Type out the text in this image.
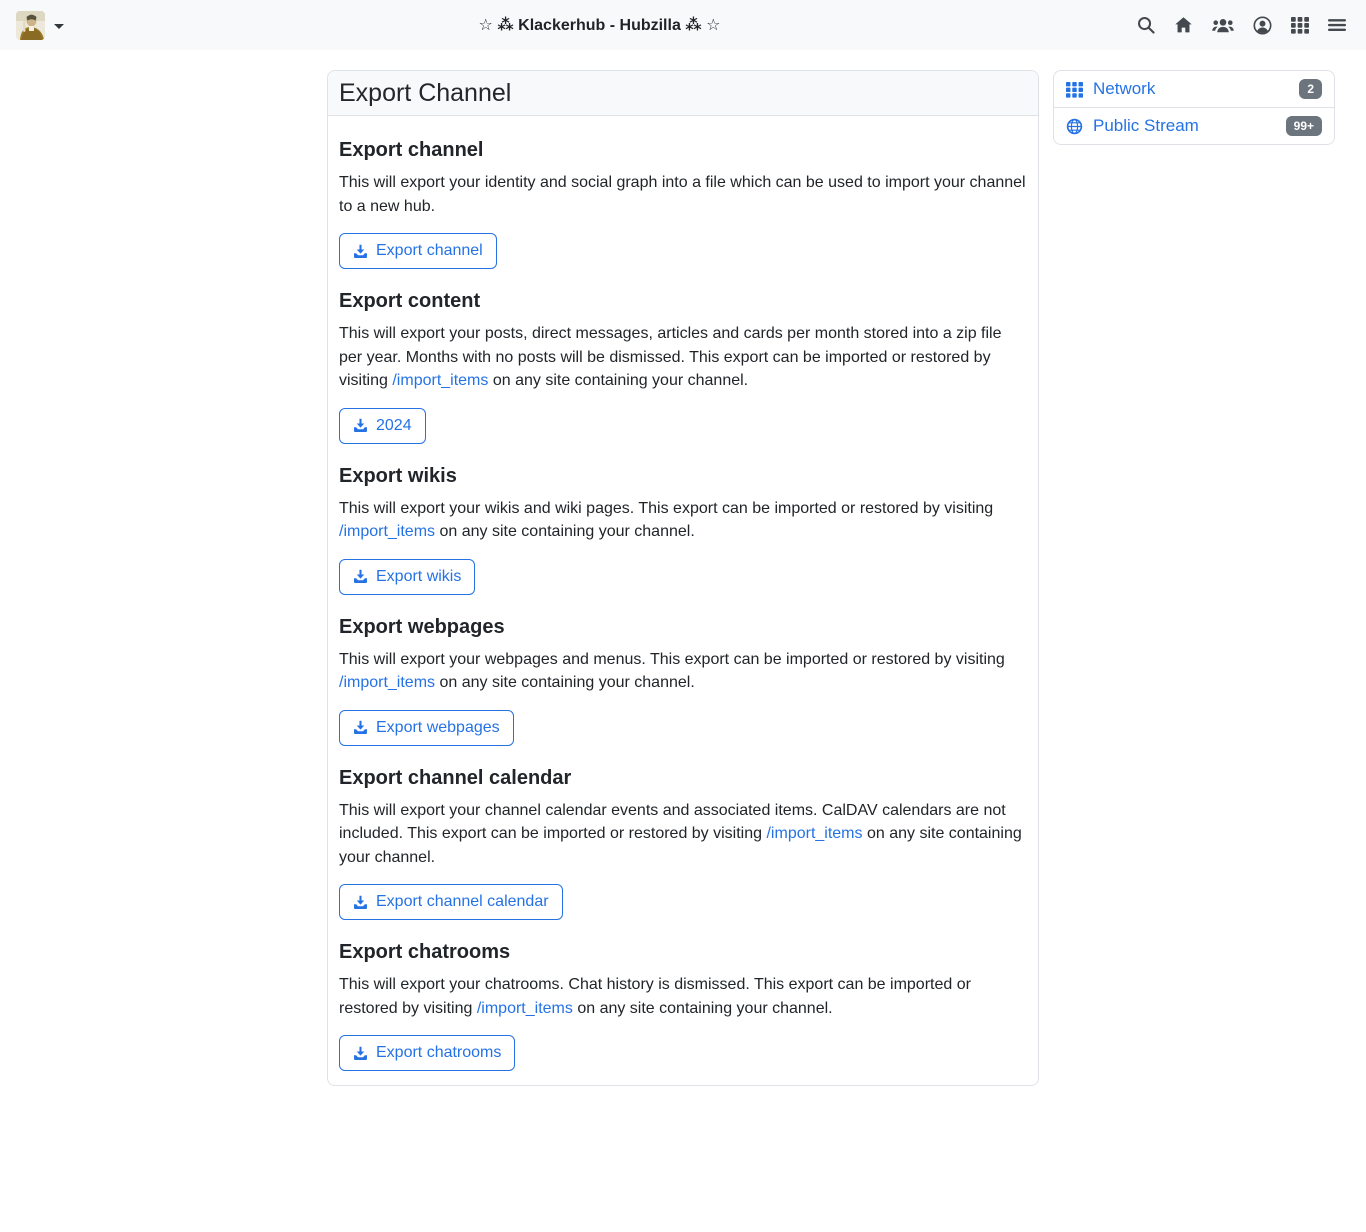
☆ ⁂ Klackerhub - Hubzilla ⁂ ☆
Export Channel
Export channel

This will export your identity and social graph into a file which can be used to import your channel to a new hub.

Export channel
Export content

This will export your posts, direct messages, articles and cards per month stored into a zip file per year. Months with no posts will be dismissed. This export can be imported or restored by visiting /import_items on any site containing your channel.

2024
Export wikis

This will export your wikis and wiki pages. This export can be imported or restored by visiting /import_items on any site containing your channel.

Export wikis
Export webpages

This will export your webpages and menus. This export can be imported or restored by visiting /import_items on any site containing your channel.

Export webpages
Export channel calendar

This will export your channel calendar events and associated items. CalDAV calendars are not included. This export can be imported or restored by visiting /import_items on any site containing your channel.

Export channel calendar
Export chatrooms

This will export your chatrooms. Chat history is dismissed. This export can be imported or restored by visiting /import_items on any site containing your channel.

Export chatrooms
Network	2
Public Stream	99+
